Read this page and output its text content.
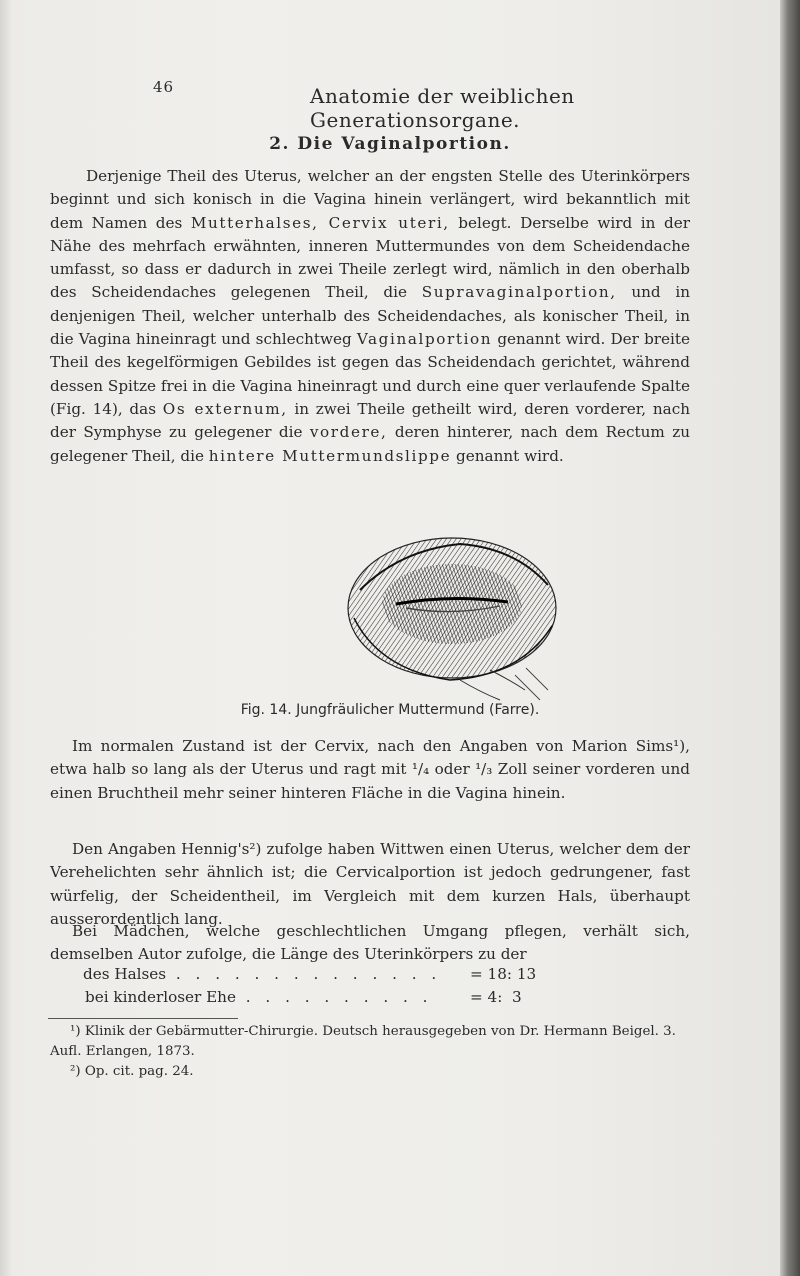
46	Anatomie der weiblichen Generationsorgane.
2. Die Vaginalportion.
Derjenige Theil des Uterus, welcher an der engsten Stelle des Uterinkörpers beginnt und sich konisch in die Vagina hinein verlängert, wird bekanntlich mit dem Namen des Mutterhalses, Cervix uteri, belegt. Derselbe wird in der Nähe des mehrfach erwähnten, inneren Muttermundes von dem Scheidendache umfasst, so dass er dadurch in zwei Theile zerlegt wird, nämlich in den oberhalb des Scheidendaches gelegenen Theil, die Supravaginalportion, und in denjenigen Theil, welcher unterhalb des Scheidendaches, als konischer Theil, in die Vagina hineinragt und schlechtweg Vaginalportion genannt wird. Der breite Theil des kegelförmigen Gebildes ist gegen das Scheidendach gerichtet, während dessen Spitze frei in die Vagina hineinragt und durch eine quer verlaufende Spalte (Fig. 14), das Os externum, in zwei Theile getheilt wird, deren vorderer, nach der Symphyse zu gelegener die vordere, deren hinterer, nach dem Rectum zu gelegener Theil, die hintere Muttermundslippe genannt wird.
Fig. 14. Jungfräulicher Muttermund (Farre).
Im normalen Zustand ist der Cervix, nach den Angaben von Marion Sims¹), etwa halb so lang als der Uterus und ragt mit ¹/₄ oder ¹/₃ Zoll seiner vorderen und einen Bruchtheil mehr seiner hinteren Fläche in die Vagina hinein.
Den Angaben Hennig's²) zufolge haben Wittwen einen Uterus, welcher dem der Verehelichten sehr ähnlich ist; die Cervicalportion ist jedoch gedrungener, fast würfelig, der Scheidentheil, im Vergleich mit dem kurzen Hals, überhaupt ausserordentlich lang.
Bei Mädchen, welche geschlechtlichen Umgang pflegen, verhält sich, demselben Autor zufolge, die Länge des Uterinkörpers zu der
des Halses . . . . . . . . . . . . . . = 18: 13
bei kinderloser Ehe . . . . . . . . . . = 4:  3
¹) Klinik der Gebärmutter-Chirurgie. Deutsch herausgegeben von Dr. Hermann Beigel. 3. Aufl. Erlangen, 1873.
²) Op. cit. pag. 24.
